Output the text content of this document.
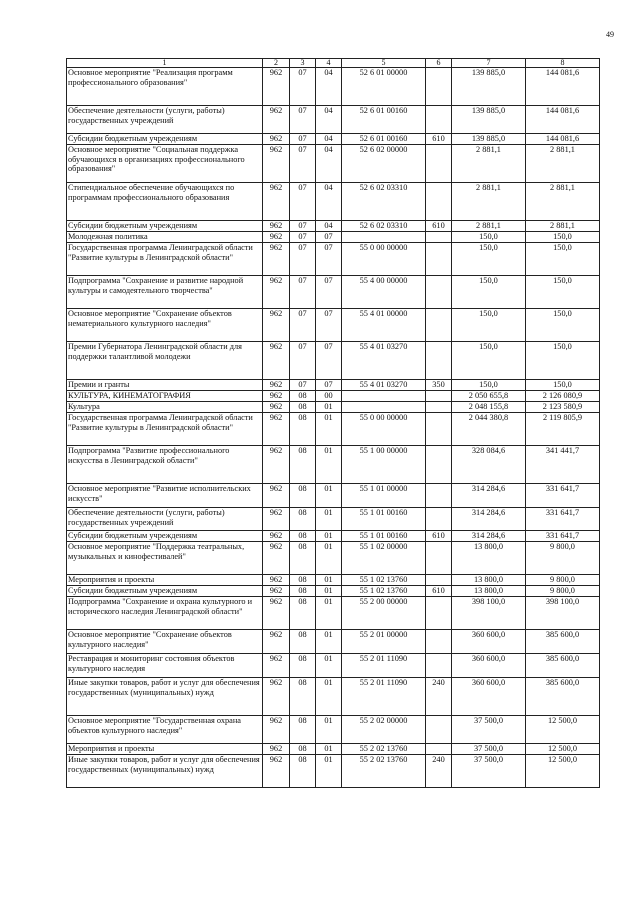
49
1	2	3	4	5	6	7	8
Основное мероприятие "Реализация программ профессионального образования"	962	07	04	52 6 01 00000		139 885,0	144 081,6
Обеспечение деятельности (услуги, работы) государственных учреждений	962	07	04	52 6 01 00160		139 885,0	144 081,6
Субсидии бюджетным учреждениям	962	07	04	52 6 01 00160	610	139 885,0	144 081,6
Основное мероприятие "Социальная поддержка обучающихся в организациях профессионального образования"	962	07	04	52 6 02 00000		2 881,1	2 881,1
Стипендиальное обеспечение обучающихся по программам профессионального образования	962	07	04	52 6 02 03310		2 881,1	2 881,1
Субсидии бюджетным учреждениям	962	07	04	52 6 02 03310	610	2 881,1	2 881,1
Молодежная политика	962	07	07			150,0	150,0
Государственная программа Ленинградской области "Развитие культуры в Ленинградской области"	962	07	07	55 0 00 00000		150,0	150,0
Подпрограмма "Сохранение и развитие народной культуры и самодеятельного творчества"	962	07	07	55 4 00 00000		150,0	150,0
Основное мероприятие "Сохранение объектов нематериального культурного наследия"	962	07	07	55 4 01 00000		150,0	150,0
Премии Губернатора Ленинградской области для поддержки талантливой молодежи	962	07	07	55 4 01 03270		150,0	150,0
Премии и гранты	962	07	07	55 4 01 03270	350	150,0	150,0
КУЛЬТУРА, КИНЕМАТОГРАФИЯ	962	08	00			2 050 655,8	2 126 080,9
Культура	962	08	01			2 048 155,8	2 123 580,9
Государственная программа Ленинградской области "Развитие культуры в Ленинградской области"	962	08	01	55 0 00 00000		2 044 380,8	2 119 805,9
Подпрограмма "Развитие профессионального искусства в Ленинградской области"	962	08	01	55 1 00 00000		328 084,6	341 441,7
Основное мероприятие "Развитие исполнительских искусств"	962	08	01	55 1 01 00000		314 284,6	331 641,7
Обеспечение деятельности (услуги, работы) государственных учреждений	962	08	01	55 1 01 00160		314 284,6	331 641,7
Субсидии бюджетным учреждениям	962	08	01	55 1 01 00160	610	314 284,6	331 641,7
Основное мероприятие "Поддержка театральных, музыкальных и кинофестивалей"	962	08	01	55 1 02 00000		13 800,0	9 800,0
Мероприятия и проекты	962	08	01	55 1 02 13760		13 800,0	9 800,0
Субсидии бюджетным учреждениям	962	08	01	55 1 02 13760	610	13 800,0	9 800,0
Подпрограмма "Сохранение и охрана культурного и исторического наследия Ленинградской области"	962	08	01	55 2 00 00000		398 100,0	398 100,0
Основное мероприятие "Сохранение объектов культурного наследия"	962	08	01	55 2 01 00000		360 600,0	385 600,0
Реставрация и мониторинг состояния объектов культурного наследия	962	08	01	55 2 01 11090		360 600,0	385 600,0
Иные закупки товаров, работ и услуг для обеспечения государственных (муниципальных) нужд	962	08	01	55 2 01 11090	240	360 600,0	385 600,0
Основное мероприятие "Государственная охрана объектов культурного наследия"	962	08	01	55 2 02 00000		37 500,0	12 500,0
Мероприятия и проекты	962	08	01	55 2 02 13760		37 500,0	12 500,0
Иные закупки товаров, работ и услуг для обеспечения государственных (муниципальных) нужд	962	08	01	55 2 02 13760	240	37 500,0	12 500,0
